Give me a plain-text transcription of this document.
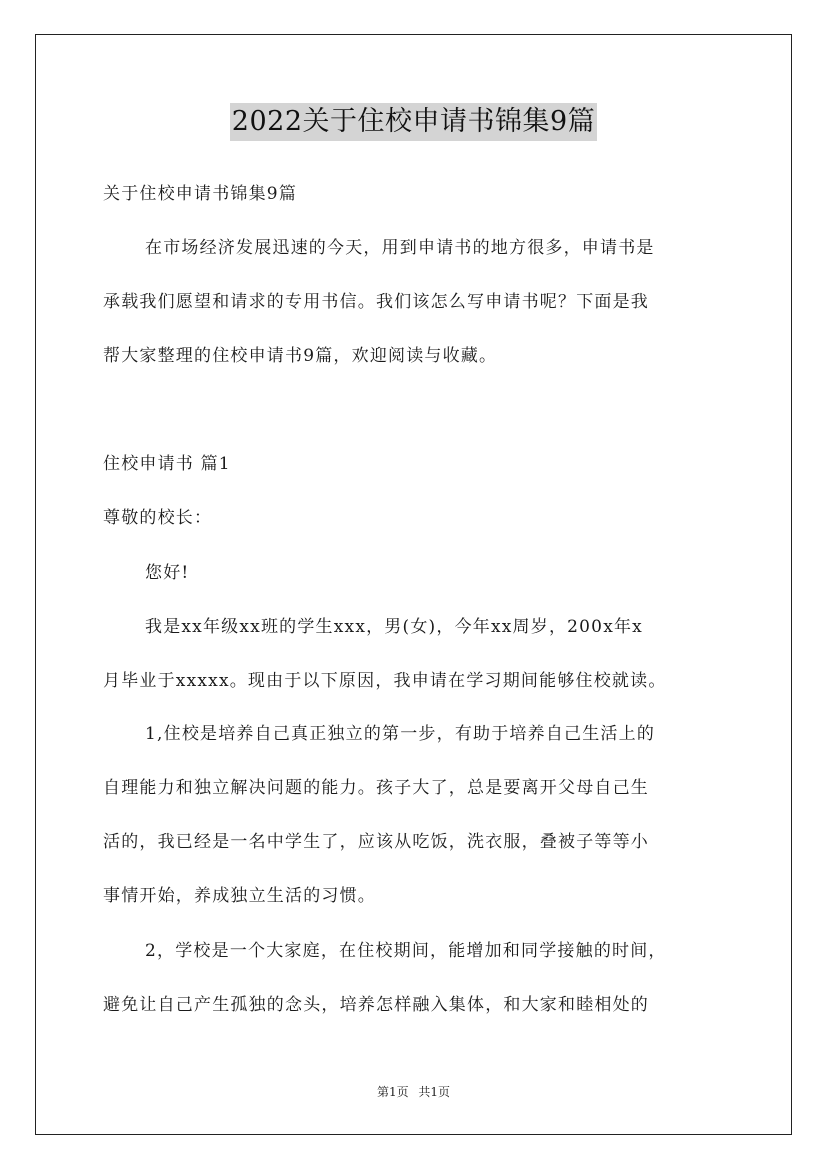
2022关于住校申请书锦集9篇
关于住校申请书锦集9篇
在市场经济发展迅速的今天，用到申请书的地方很多，申请书是
承载我们愿望和请求的专用书信。我们该怎么写申请书呢？下面是我
帮大家整理的住校申请书9篇，欢迎阅读与收藏。
住校申请书 篇1
尊敬的校长：
您好!
我是xx年级xx班的学生xxx，男(女)，今年xx周岁，200x年x
月毕业于xxxxx。现由于以下原因，我申请在学习期间能够住校就读。
1,住校是培养自己真正独立的第一步，有助于培养自己生活上的
自理能力和独立解决问题的能力。孩子大了，总是要离开父母自己生
活的，我已经是一名中学生了，应该从吃饭，洗衣服，叠被子等等小
事情开始，养成独立生活的习惯。
2，学校是一个大家庭，在住校期间，能增加和同学接触的时间，
避免让自己产生孤独的念头，培养怎样融入集体，和大家和睦相处的
第1页 共1页
